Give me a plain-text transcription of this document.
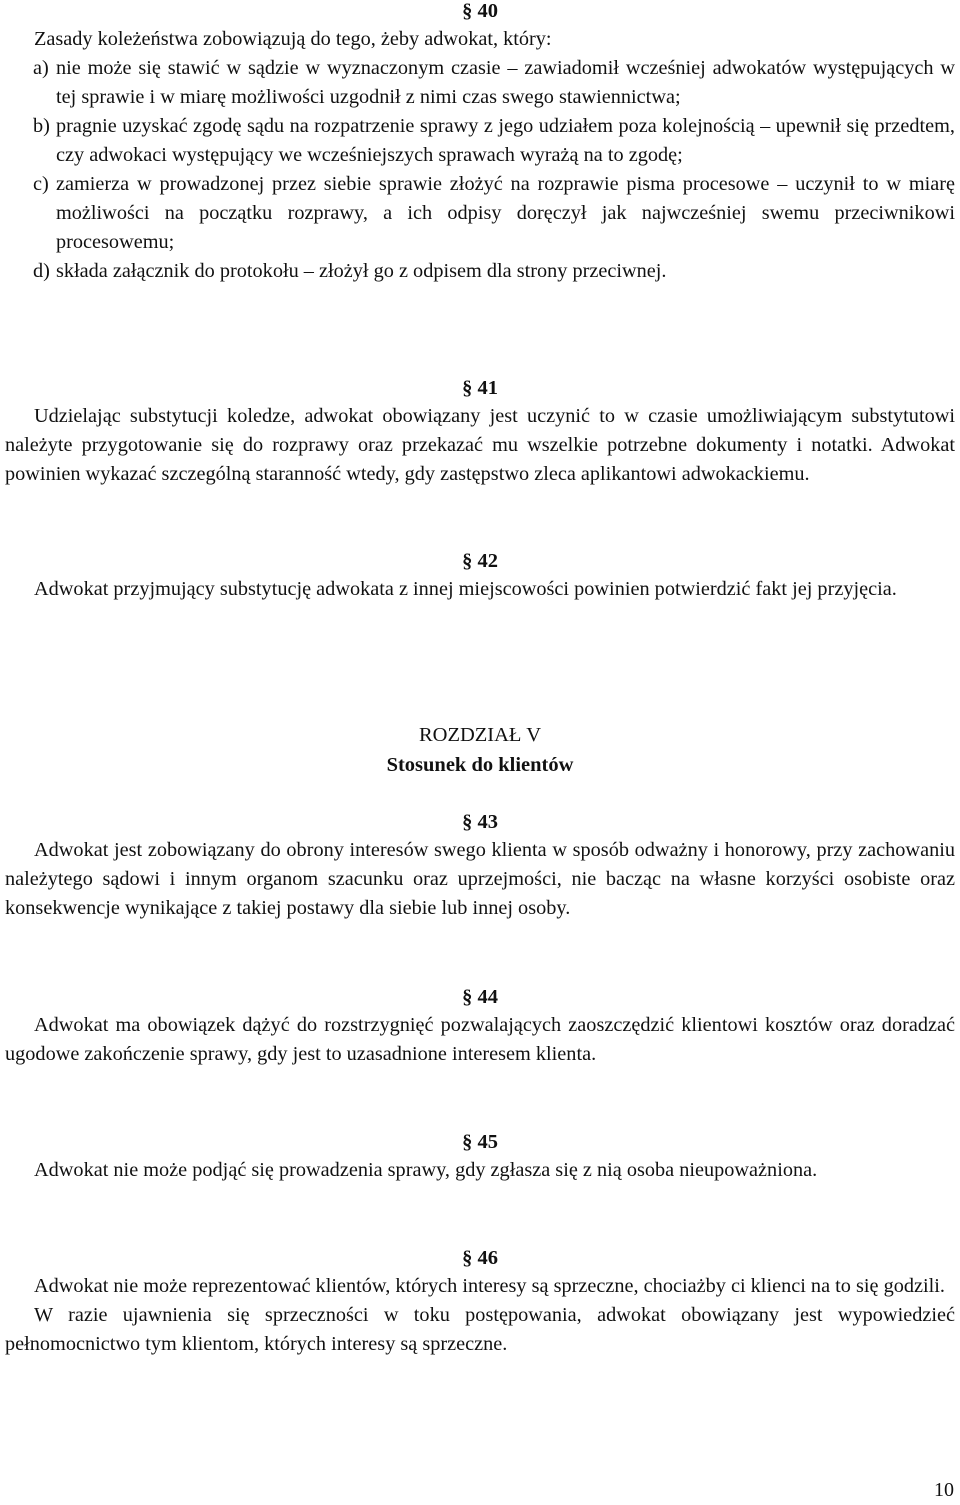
§ 40

Zasady koleżeństwa zobowiązują do tego, żeby adwokat, który:

a) nie może się stawić w sądzie w wyznaczonym czasie – zawiadomił wcześniej adwokatów występujących w tej sprawie i w miarę możliwości uzgodnił z nimi czas swego stawiennictwa;
b) pragnie uzyskać zgodę sądu na rozpatrzenie sprawy z jego udziałem poza kolejnością – upewnił się przedtem, czy adwokaci występujący we wcześniejszych sprawach wyrażą na to zgodę;
c) zamierza w prowadzonej przez siebie sprawie złożyć na rozprawie pisma procesowe – uczynił to w miarę możliwości na początku rozprawy, a ich odpisy doręczył jak najwcześniej swemu przeciwnikowi procesowemu;
d) składa załącznik do protokołu – złożył go z odpisem dla strony przeciwnej.

§ 41

Udzielając substytucji koledze, adwokat obowiązany jest uczynić to w czasie umożliwiającym substytutowi należyte przygotowanie się do rozprawy oraz przekazać mu wszelkie potrzebne dokumenty i notatki. Adwokat powinien wykazać szczególną staranność wtedy, gdy zastępstwo zleca aplikantowi adwokackiemu.

§ 42

Adwokat przyjmujący substytucję adwokata z innej miejscowości powinien potwierdzić fakt jej przyjęcia.

ROZDZIAŁ V

Stosunek do klientów

§ 43

Adwokat jest zobowiązany do obrony interesów swego klienta w sposób odważny i honorowy, przy zachowaniu należytego sądowi i innym organom szacunku oraz uprzejmości, nie bacząc na własne korzyści osobiste oraz konsekwencje wynikające z takiej postawy dla siebie lub innej osoby.

§ 44

Adwokat ma obowiązek dążyć do rozstrzygnięć pozwalających zaoszczędzić klientowi kosztów oraz doradzać ugodowe zakończenie sprawy, gdy jest to uzasadnione interesem klienta.

§ 45

Adwokat nie może podjąć się prowadzenia sprawy, gdy zgłasza się z nią osoba nieupoważniona.

§ 46

Adwokat nie może reprezentować klientów, których interesy są sprzeczne, chociażby ci klienci na to się godzili.

W razie ujawnienia się sprzeczności w toku postępowania, adwokat obowiązany jest wypowiedzieć pełnomocnictwo tym klientom, których interesy są sprzeczne.

10
